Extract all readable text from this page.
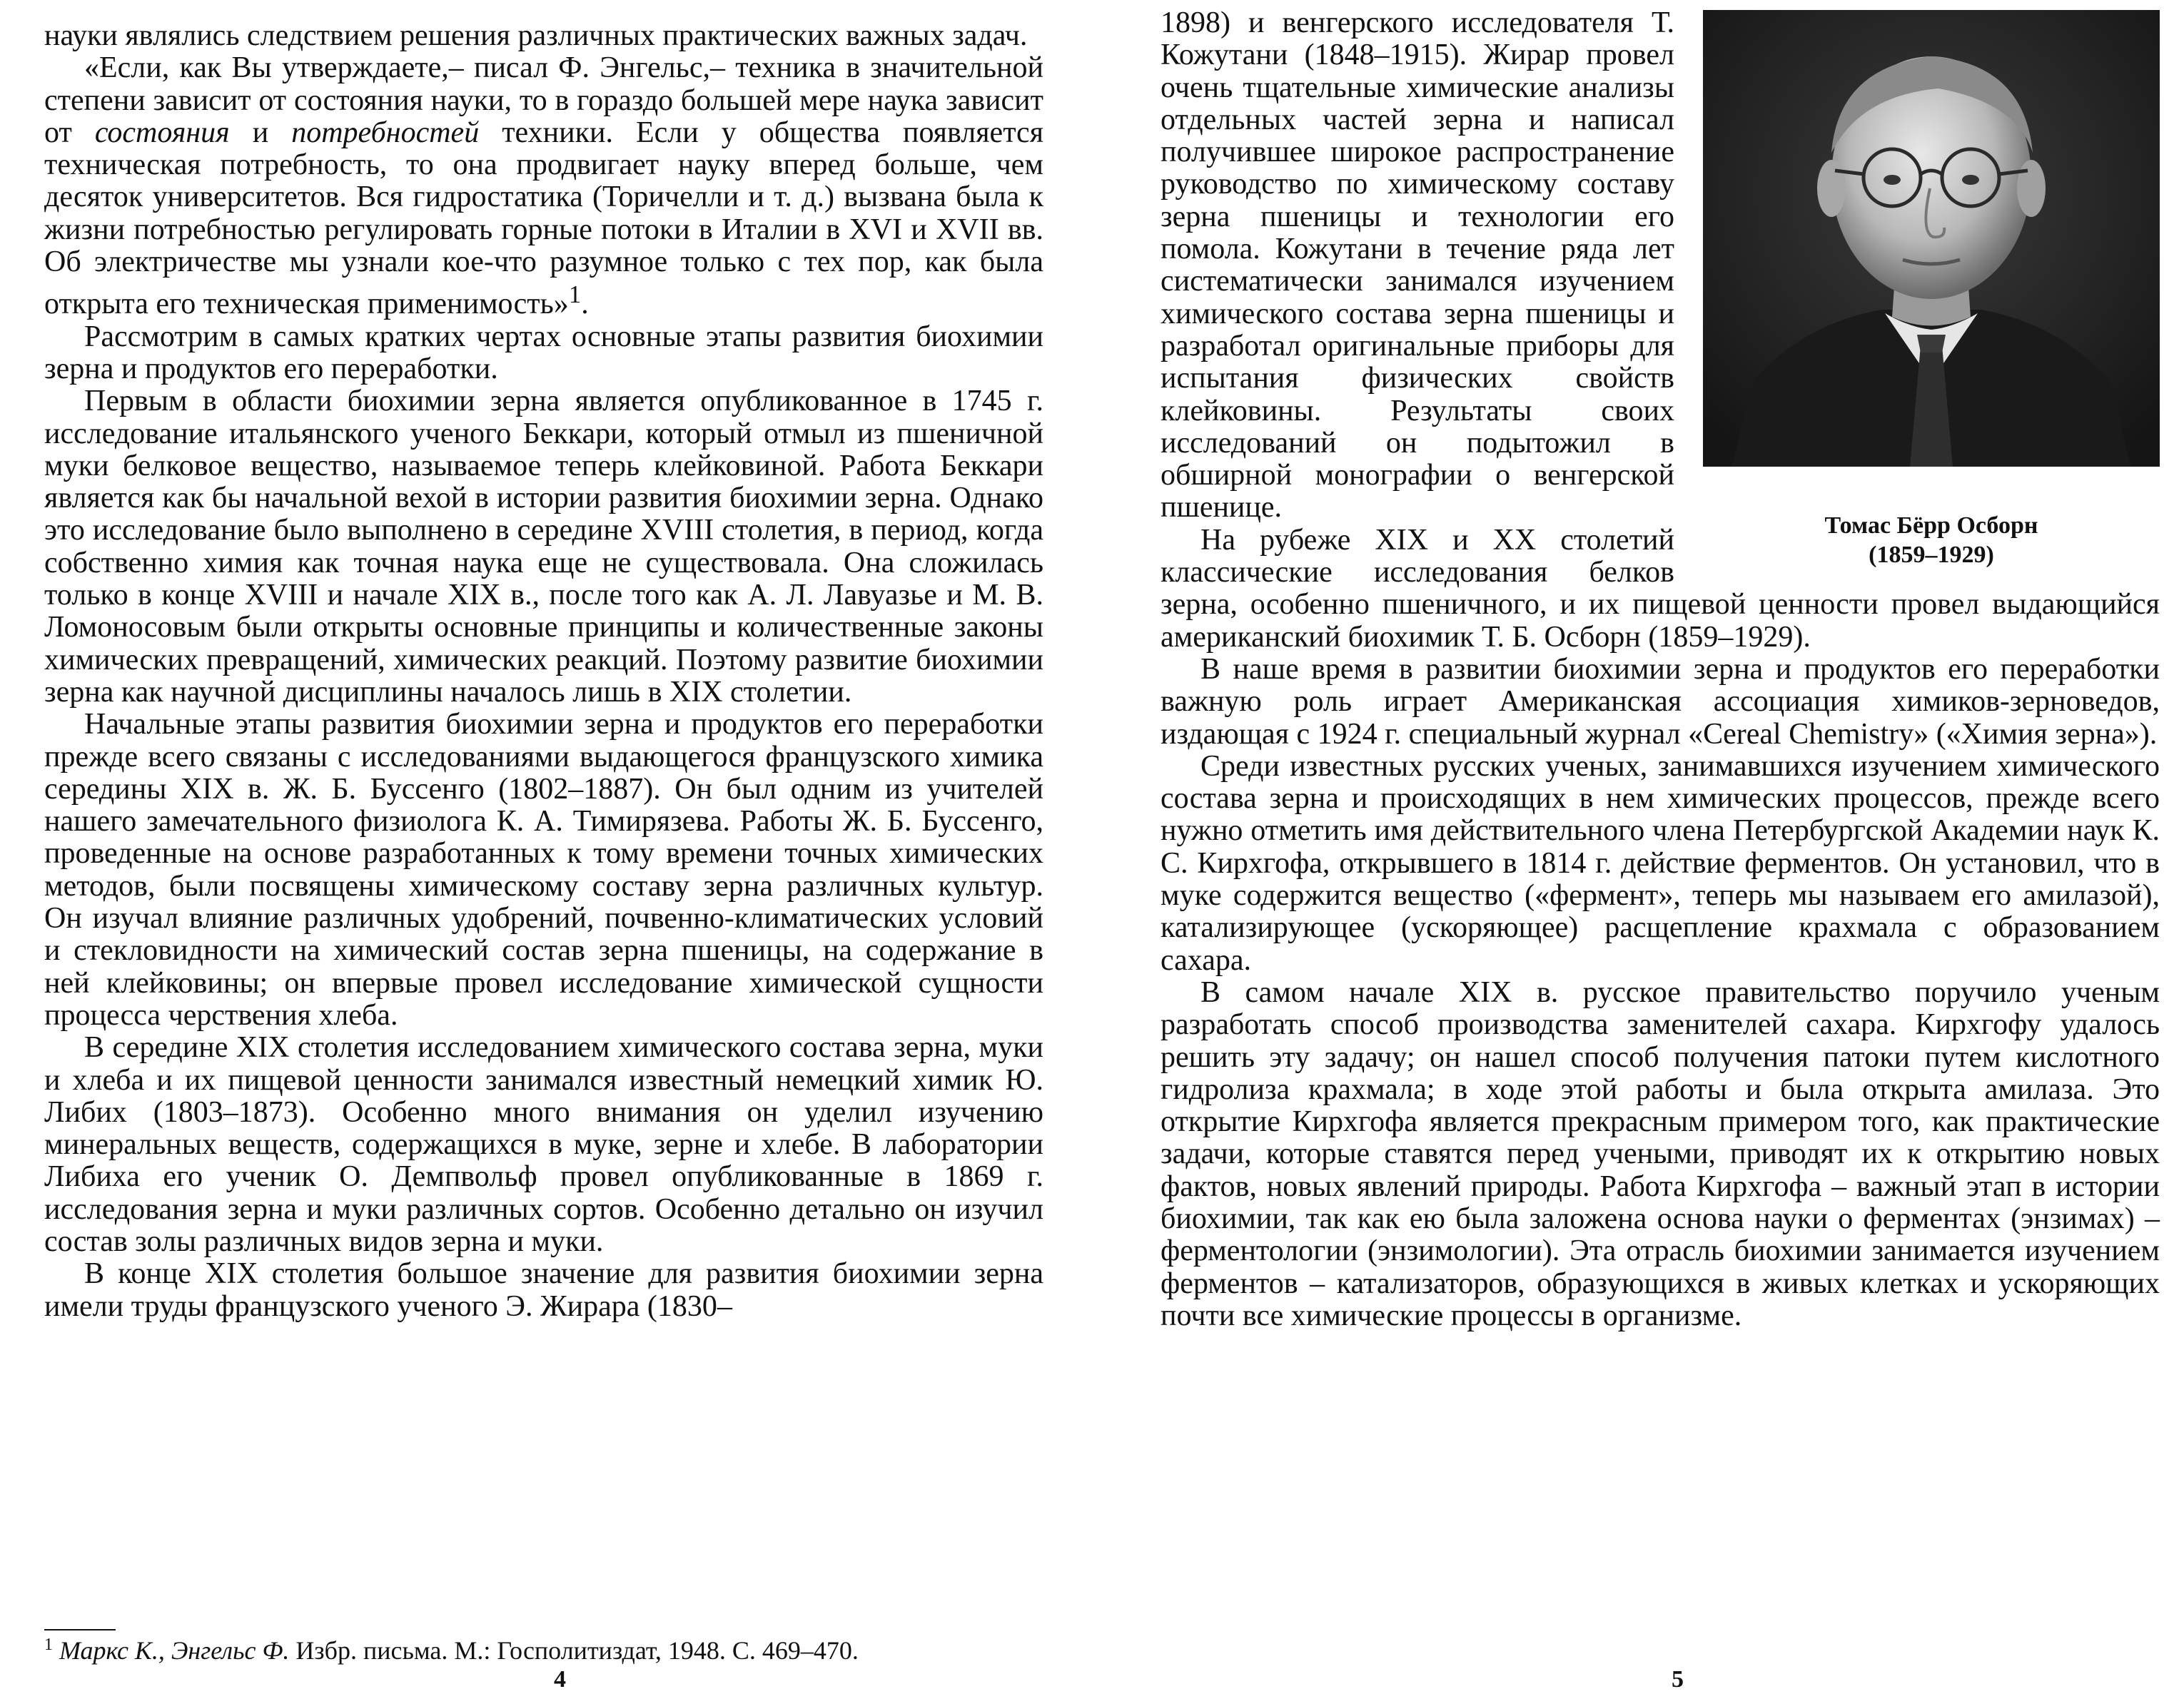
науки являлись следствием решения различных практических важных задач.

«Если, как Вы утверждаете,– писал Ф. Энгельс,– техника в значительной степени зависит от состояния науки, то в гораздо большей мере наука зависит от состояния и потребностей техники. Если у общества появляется техническая потребность, то она продвигает науку вперед больше, чем десяток университетов. Вся гидростатика (Торичелли и т. д.) вызвана была к жизни потребностью регулировать горные потоки в Италии в XVI и XVII вв. Об электричестве мы узнали кое-что разумное только с тех пор, как была открыта его техническая применимость»$^1$.

Рассмотрим в самых кратких чертах основные этапы развития биохимии зерна и продуктов его переработки.

Первым в области биохимии зерна является опубликованное в 1745 г. исследование итальянского ученого Беккари, который отмыл из пшеничной муки белковое вещество, называемое теперь клейковиной. Работа Беккари является как бы начальной вехой в истории развития биохимии зерна. Однако это исследование было выполнено в середине XVIII столетия, в период, когда собственно химия как точная наука еще не существовала. Она сложилась только в конце XVIII и начале XIX в., после того как А. Л. Лавуазье и М. В. Ломоносовым были открыты основные принципы и количественные законы химических превращений, химических реакций. Поэтому развитие биохимии зерна как научной дисциплины началось лишь в XIX столетии.

Начальные этапы развития биохимии зерна и продуктов его переработки прежде всего связаны с исследованиями выдающегося французского химика середины XIX в. Ж. Б. Буссенго (1802–1887). Он был одним из учителей нашего замечательного физиолога К. А. Тимирязева. Работы Ж. Б. Буссенго, проведенные на основе разработанных к тому времени точных химических методов, были посвящены химическому составу зерна различных культур. Он изучал влияние различных удобрений, почвенно-климатических условий и стекловидности на химический состав зерна пшеницы, на содержание в ней клейковины; он впервые провел исследование химической сущности процесса черствения хлеба.

В середине XIX столетия исследованием химического состава зерна, муки и хлеба и их пищевой ценности занимался известный немецкий химик Ю. Либих (1803–1873). Особенно много внимания он уделил изучению минеральных веществ, содержащихся в муке, зерне и хлебе. В лаборатории Либиха его ученик О. Демпвольф провел опубликованные в 1869 г. исследования зерна и муки различных сортов. Особенно детально он изучил состав золы различных видов зерна и муки.

В конце XIX столетия большое значение для развития биохимии зерна имели труды французского ученого Э. Жирара (1830–

$^1$ Маркс К., Энгельс Ф. Избр. письма. М.: Госполитиздат, 1948. С. 469–470.
4
Томас Бёрр Осборн
(1859–1929)

1898) и венгерского исследователя Т. Кожутани (1848–1915). Жирар провел очень тщательные химические анализы отдельных частей зерна и написал получившее широкое распространение руководство по химическому составу зерна пшеницы и технологии его помола. Кожутани в течение ряда лет систематически занимался изучением химического состава зерна пшеницы и разработал оригинальные приборы для испытания физических свойств клейковины. Результаты своих исследований он подытожил в обширной монографии о венгерской пшенице.

На рубеже XIX и XX столетий классические исследования белков зерна, особенно пшеничного, и их пищевой ценности провел выдающийся американский биохимик Т. Б. Осборн (1859–1929).

В наше время в развитии биохимии зерна и продуктов его переработки важную роль играет Американская ассоциация химиков-зерноведов, издающая с 1924 г. специальный журнал «Cereal Chemistry» («Химия зерна»).

Среди известных русских ученых, занимавшихся изучением химического состава зерна и происходящих в нем химических процессов, прежде всего нужно отметить имя действительного члена Петербургской Академии наук К. С. Кирхгофа, открывшего в 1814 г. действие ферментов. Он установил, что в муке содержится вещество («фермент», теперь мы называем его амилазой), катализирующее (ускоряющее) расщепление крахмала с образованием сахара.

В самом начале XIX в. русское правительство поручило ученым разработать способ производства заменителей сахара. Кирхгофу удалось решить эту задачу; он нашел способ получения патоки путем кислотного гидролиза крахмала; в ходе этой работы и была открыта амилаза. Это открытие Кирхгофа является прекрасным примером того, как практические задачи, которые ставятся перед учеными, приводят их к открытию новых фактов, новых явлений природы. Работа Кирхгофа – важный этап в истории биохимии, так как ею была заложена основа науки о ферментах (энзимах) – ферментологии (энзимологии). Эта отрасль биохимии занимается изучением ферментов – катализаторов, образующихся в живых клетках и ускоряющих почти все химические процессы в организме.

5
